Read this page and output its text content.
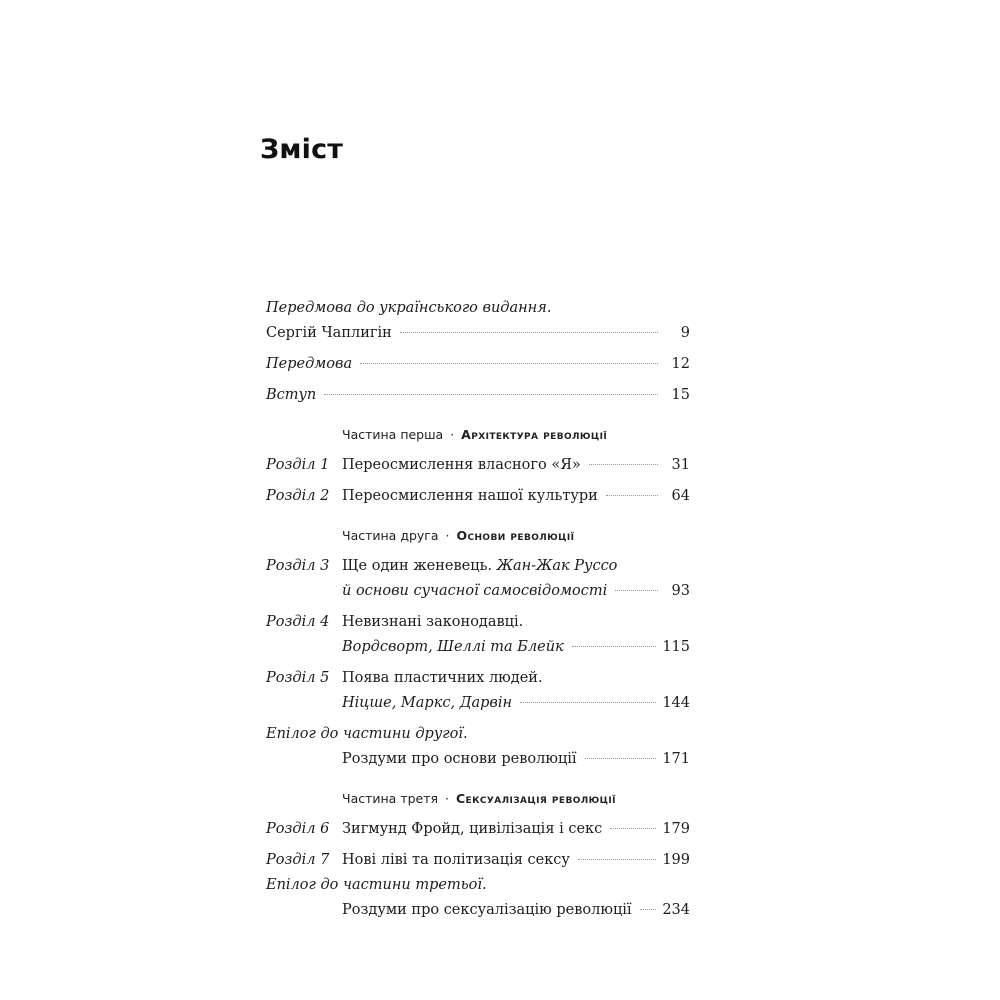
Зміст
Передмова до українського видання.
Сергій Чаплигін	9
Передмова	12
Вступ	15
Частина перша · Архітектура революції
Розділ 1 Переосмислення власного «Я»	31
Розділ 2 Переосмислення нашої культури	64
Частина друга · Основи революції
Розділ 3 Ще один женевець. Жан-Жак Руссо
й основи сучасної самосвідомості	93
Розділ 4 Невизнані законодавці.
Вордсворт, Шеллі та Блейк	115
Розділ 5 Поява пластичних людей.
Ніцше, Маркс, Дарвін	144
Епілог до частини другої.
Роздуми про основи революції	171
Частина третя · Сексуалізація революції
Розділ 6 Зигмунд Фройд, цивілізація і секс	179
Розділ 7 Нові ліві та політизація сексу	199
Епілог до частини третьої.
Роздуми про сексуалізацію революції 234
